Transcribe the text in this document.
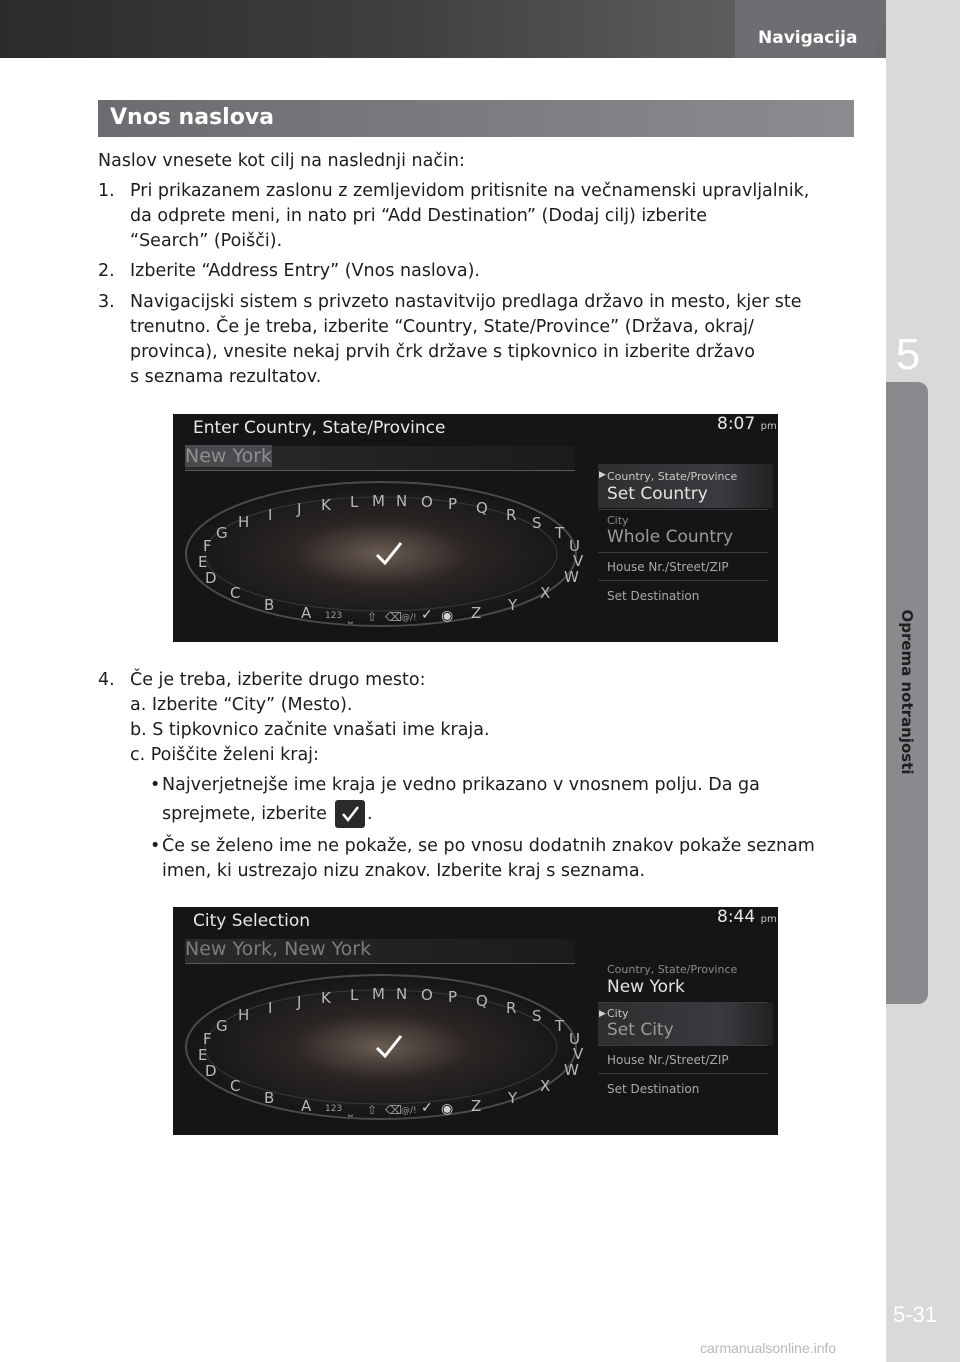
Navigacija
5
Oprema notranjosti
5-31
carmanualsonline.info
Vnos naslova
Naslov vnesete kot cilj na naslednji način:
1. Pri prikazanem zaslonu z zemljevidom pritisnite na večnamenski upravljalnik,
da odprete meni, in nato pri “Add Destination” (Dodaj cilj) izberite
“Search” (Poišči).
2. Izberite “Address Entry” (Vnos naslova).
3. Navigacijski sistem s privzeto nastavitvijo predlaga državo in mesto, kjer ste
trenutno. Če je treba, izberite “Country, State/Province” (Država, okraj/
provinca), vnesite nekaj prvih črk države s tipkovnico in izberite državo
s seznama rezultatov.
Enter Country, State/Province	8:07 pm
New York
A
B
C
D
E
F
G
H I J K L M N O P Q R S
T
U
V
W
X
Y
Z
123	@/!
⇧
⎵	⌫	◉
✓
▶ Country, State/Province
Set Country
City
Whole Country
House Nr./Street/ZIP
Set Destination
4. Če je treba, izberite drugo mesto:
a. Izberite “City” (Mesto).
b. S tipkovnico začnite vnašati ime kraja.
c. Poiščite želeni kraj:
• Najverjetnejše ime kraja je vedno prikazano v vnosnem polju. Da ga
sprejmete, izberite .
• Če se želeno ime ne pokaže, se po vnosu dodatnih znakov pokaže seznam
imen, ki ustrezajo nizu znakov. Izberite kraj s seznama.
City Selection	8:44 pm
New York, New York
A
B
C
D
E
F
G
H I J K L M N O P Q R S
T
U
V
W
X
Y
Z
123	@/!
⇧
⎵	⌫	◉
✓
Country, State/Province
New York
▶ City
Set City
House Nr./Street/ZIP
Set Destination
